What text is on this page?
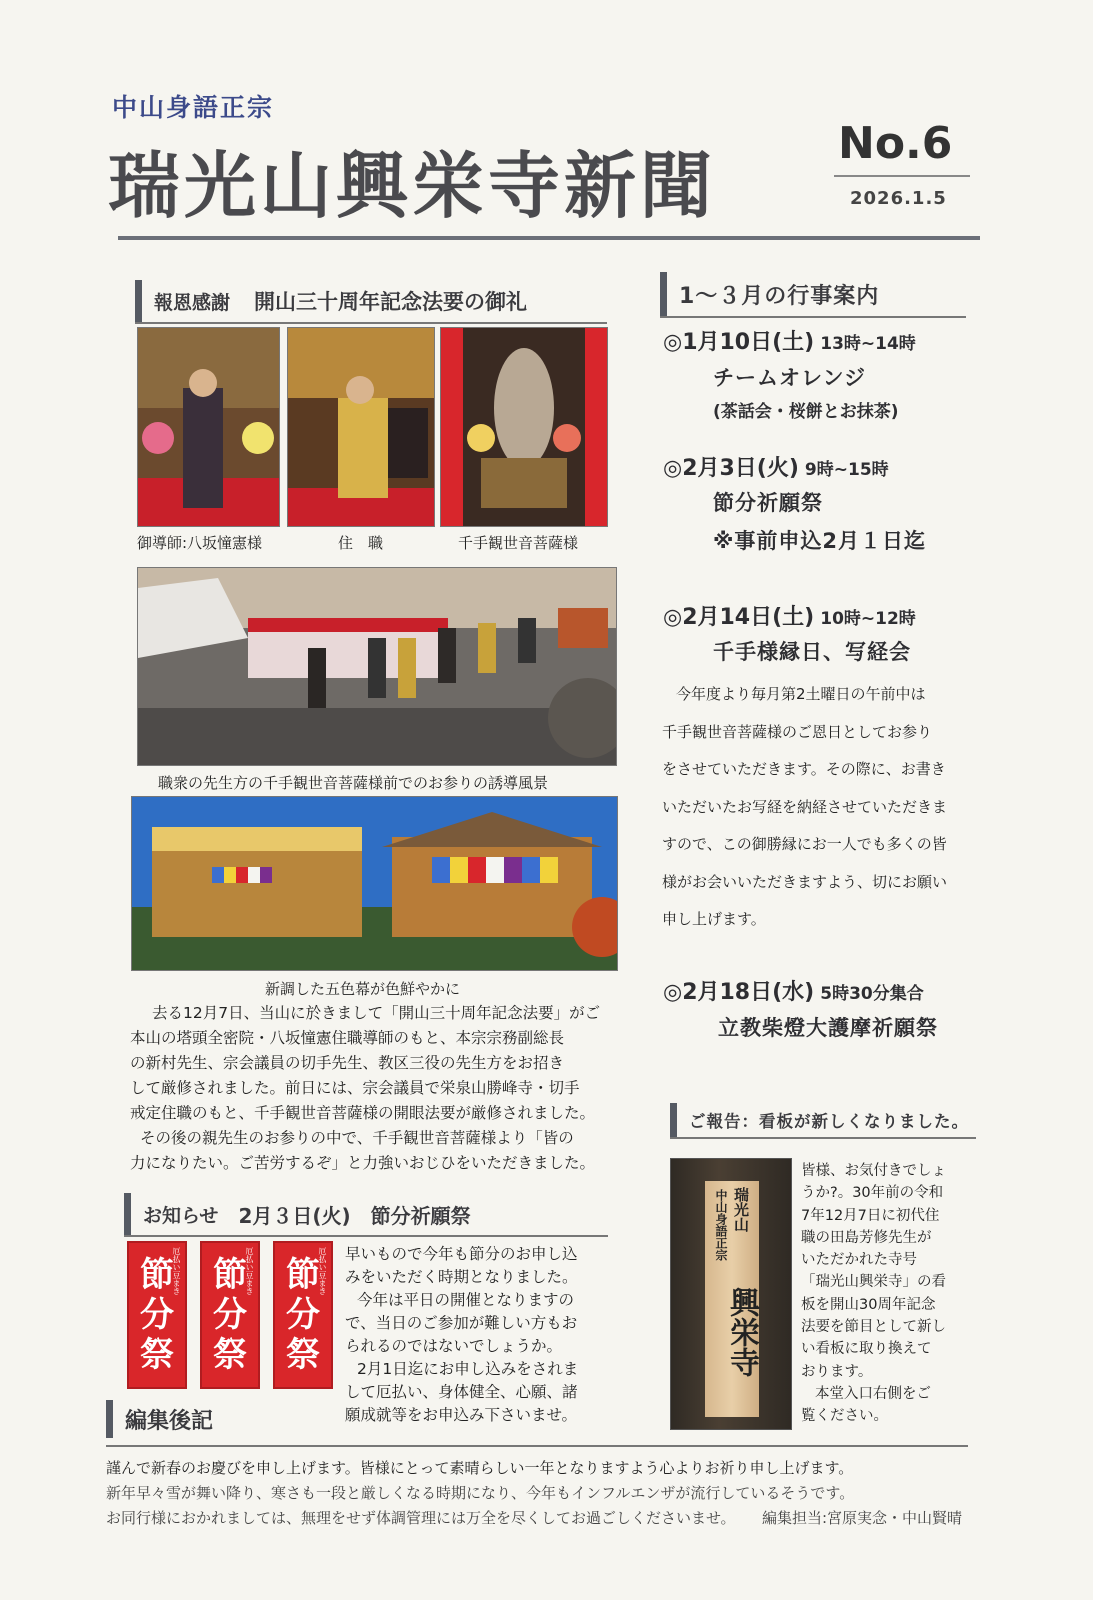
中山身語正宗
瑞光山興栄寺新聞
No.6
2026.1.5
報恩感謝 開山三十周年記念法要の御礼
御導師:八坂憧憲様	住　職	千手観世音菩薩様
職衆の先生方の千手観世音菩薩様前でのお参りの誘導風景
新調した五色幕が色鮮やかに

去る12月7日、当山に於きまして「開山三十周年記念法要」がご

本山の塔頭全密院・八坂憧憲住職導師のもと、本宗宗務副総長

の新村先生、宗会議員の切手先生、教区三役の先生方をお招き

して厳修されました。前日には、宗会議員で栄泉山勝峰寺・切手

戒定住職のもと、千手観世音菩薩様の開眼法要が厳修されました。

その後の親先生のお参りの中で、千手観世音菩薩様より「皆の

力になりたい。ご苦労するぞ」と力強いおじひをいただきました。

お知らせ 2月３日(火)　節分祈願祭
厄払い豆まき
節分祭
厄払い豆まき
節分祭
厄払い豆まき
節分祭

早いもので今年も節分のお申し込

みをいただく時期となりました。

今年は平日の開催となりますの

で、当日のご参加が難しい方もお

られるのではないでしょうか。

2月1日迄にお申し込みをされま

して厄払い、身体健全、心願、諸

願成就等をお申込み下さいませ。

編集後記
1～３月の行事案内
◎1月10日(土) 13時~14時
チームオレンジ
(茶話会・桜餅とお抹茶)
◎2月3日(火) 9時~15時
節分祈願祭
※事前申込2月１日迄
◎2月14日(土) 10時~12時
千手様縁日、写経会

今年度より毎月第2土曜日の午前中は

千手観世音菩薩様のご恩日としてお参り

をさせていただきます。その際に、お書き

いただいたお写経を納経させていただきま

すので、この御勝縁にお一人でも多くの皆

様がお会いいただきますよう、切にお願い

申し上げます。

◎2月18日(水) 5時30分集合
立教柴燈大護摩祈願祭
ご報告：看板が新しくなりました。
中山身語正宗 瑞光山
興栄寺

皆様、お気付きでしょ

うか?。30年前の令和

7年12月7日に初代住

職の田島芳修先生が

いただかれた寺号

「瑞光山興栄寺」の看

板を開山30周年記念

法要を節目として新し

い看板に取り換えて

おります。

本堂入口右側をご

覧ください。

謹んで新春のお慶びを申し上げます。皆様にとって素晴らしい一年となりますよう心よりお祈り申し上げます。
新年早々雪が舞い降り、寒さも一段と厳しくなる時期になり、今年もインフルエンザが流行しているそうです。
お同行様におかれましては、無理をせず体調管理には万全を尽くしてお過ごしくださいませ。 編集担当:宮原実念・中山賢晴
